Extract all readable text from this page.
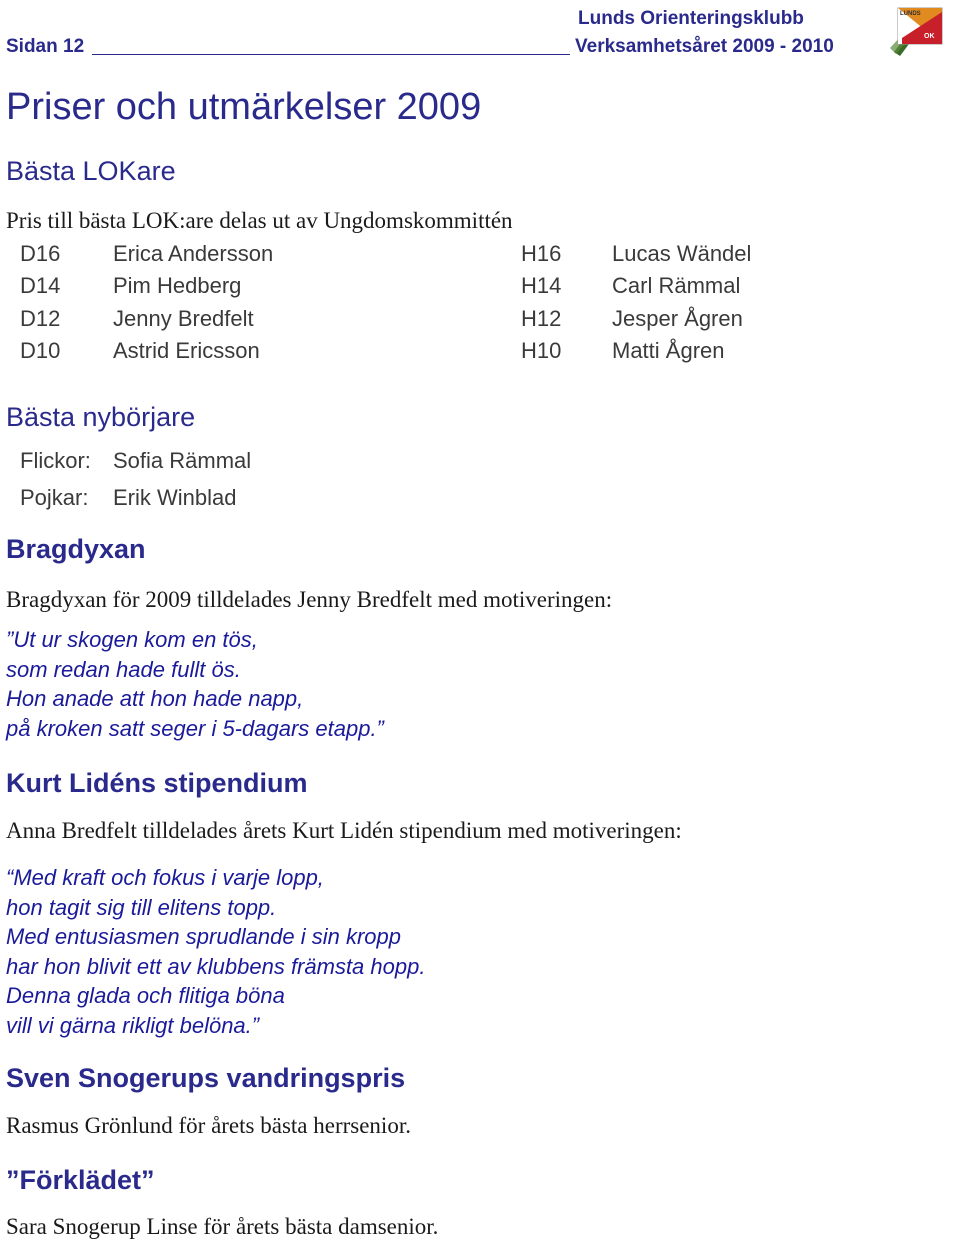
Sidan 12
Lunds Orienteringsklubb
Verksamhetsåret 2009 - 2010
LUNDS
OK
Priser och utmärkelser 2009
Bästa LOKare
Pris till bästa LOK:are delas ut av Ungdomskommittén
D16 Erica Andersson	H16 Lucas Wändel
D14 Pim Hedberg	H14 Carl Rämmal
D12 Jenny Bredfelt	H12 Jesper Ågren
D10 Astrid Ericsson	H10 Matti Ågren
Bästa nybörjare
Flickor: Sofia Rämmal
Pojkar: Erik Winblad
Bragdyxan
Bragdyxan för 2009 tilldelades Jenny Bredfelt med motiveringen:
”Ut ur skogen kom en tös,
som redan hade fullt ös.
Hon anade att hon hade napp,
på kroken satt seger i 5-dagars etapp.”
Kurt Lidéns stipendium
Anna Bredfelt tilldelades årets Kurt Lidén stipendium med motiveringen:
“Med kraft och fokus i varje lopp,
hon tagit sig till elitens topp.
Med entusiasmen sprudlande i sin kropp
har hon blivit ett av klubbens främsta hopp.
Denna glada och flitiga böna
vill vi gärna rikligt belöna.”
Sven Snogerups vandringspris
Rasmus Grönlund för årets bästa herrsenior.
”Förklädet”
Sara Snogerup Linse för årets bästa damsenior.
